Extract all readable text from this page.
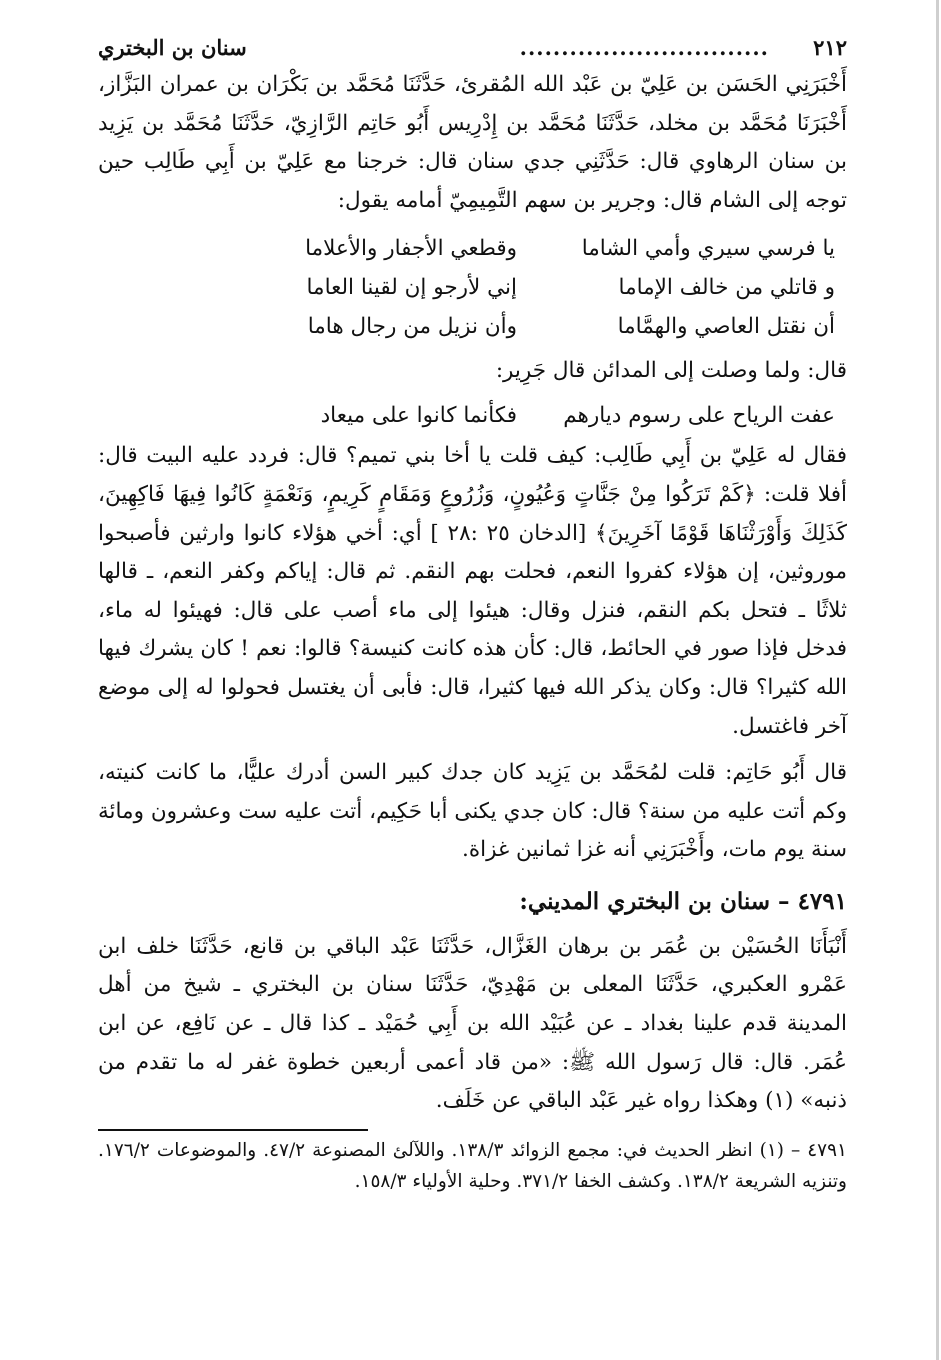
٢١٢
..............................
سنان بن البختري

أَخْبَرَنِي الحَسَن بن عَلِيّ بن عَبْد الله المُقرئ، حَدَّثَنَا مُحَمَّد بن بَكْرَان بن عمران البَزَّاز، أَخْبَرَنَا مُحَمَّد بن مخلد، حَدَّثَنَا مُحَمَّد بن إِدْرِيس أَبُو حَاتِم الرَّازِيّ، حَدَّثَنَا مُحَمَّد بن يَزِيد بن سنان الرهاوي قال: حَدَّثَنِي جدي سنان قال: خرجنا مع عَلِيّ بن أَبِي طَالِب حين توجه إلى الشام قال: وجرير بن سهم التَّمِيمِيّ أمامه يقول:

يا فرسي سيري وأمي الشاما
وقطعي الأجفار والأعلاما
و قاتلي من خالف الإماما
إني لأرجو إن لقينا العاما
أن نقتل العاصي والهمَّاما
وأن نزيل من رجال هاما

قال: ولما وصلت إلى المدائن قال جَرِير:

عفت الرياح على رسوم ديارهم
فكأنما كانوا على ميعاد

فقال له عَلِيّ بن أَبِي طَالِب: كيف قلت يا أخا بني تميم؟ قال: فردد عليه البيت قال: أفلا قلت: ﴿كَمْ تَرَكُوا مِنْ جَنَّاتٍ وَعُيُونٍ، وَزُرُوعٍ وَمَقَامٍ كَرِيمٍ، وَنَعْمَةٍ كَانُوا فِيهَا فَاكِهِينَ، كَذَلِكَ وَأَوْرَثْنَاهَا قَوْمًا آخَرِينَ﴾ [الدخان ٢٥ :٢٨ ] أي: أخي هؤلاء كانوا وارثين فأصبحوا موروثين، إن هؤلاء كفروا النعم، فحلت بهم النقم. ثم قال: إياكم وكفر النعم، ـ قالها ثلاثًا ـ فتحل بكم النقم، فنزل وقال: هيئوا إلى ماء أصب على قال: فهيئوا له ماء، فدخل فإذا صور في الحائط، قال: كأن هذه كانت كنيسة؟ قالوا: نعم ! كان يشرك فيها الله كثيرا؟ قال: وكان يذكر الله فيها كثيرا، قال: فأبى أن يغتسل فحولوا له إلى موضع آخر فاغتسل.

قال أَبُو حَاتِم: قلت لمُحَمَّد بن يَزِيد كان جدك كبير السن أدرك عليًّا، ما كانت كنيته، وكم أتت عليه من سنة؟ قال: كان جدي يكنى أبا حَكِيم، أتت عليه ست وعشرون ومائة سنة يوم مات، وأَخْبَرَنِي أنه غزا ثمانين غزاة.

٤٧٩١ – سنان بن البختري المديني:

أَنْبَأَنَا الحُسَيْن بن عُمَر بن برهان الغَزَّال، حَدَّثَنَا عَبْد الباقي بن قانع، حَدَّثَنَا خلف ابن عَمْرو العكبري، حَدَّثَنَا المعلى بن مَهْدِيّ، حَدَّثَنَا سنان بن البختري ـ شيخ من أهل المدينة قدم علينا بغداد ـ عن عُبَيْد الله بن أَبِي حُمَيْد ـ كذا قال ـ عن نَافِع، عن ابن عُمَر. قال: قال رَسول الله ﷺ: «من قاد أعمى أربعين خطوة غفر له ما تقدم من ذنبه» (١) وهكذا رواه غير عَبْد الباقي عن خَلَف.

٤٧٩١ – (١) انظر الحديث في: مجمع الزوائد ١٣٨/٣. واللآلئ المصنوعة ٤٧/٢. والموضوعات ١٧٦/٢. وتنزيه الشريعة ١٣٨/٢. وكشف الخفا ٣٧١/٢. وحلية الأولياء ١٥٨/٣.
